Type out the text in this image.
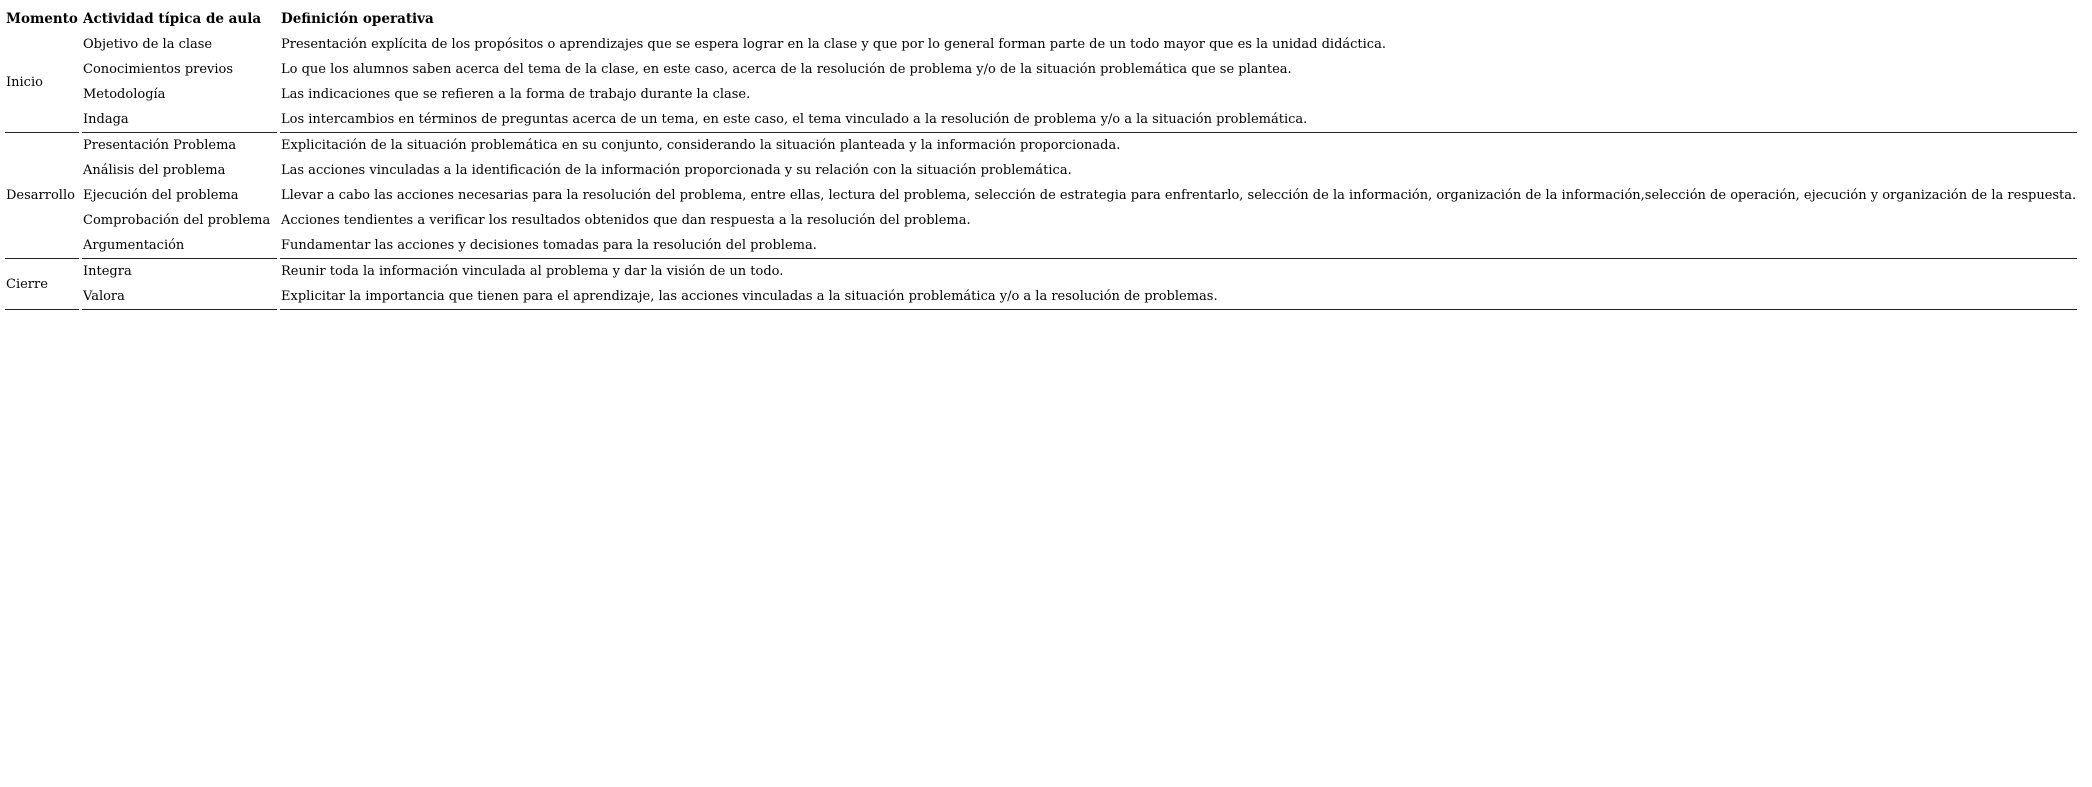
Momento	Actividad típica de aula	Definición operativa
Inicio	Objetivo de la clase	Presentación explícita de los propósitos o aprendizajes que se espera lograr en la clase y que por lo general forman parte de un todo mayor que es la unidad didáctica.
	Conocimientos previos	Lo que los alumnos saben acerca del tema de la clase, en este caso, acerca de la resolución de problema y/o de la situación problemática que se plantea.
	Metodología	Las indicaciones que se refieren a la forma de trabajo durante la clase.
	Indaga	Los intercambios en términos de preguntas acerca de un tema, en este caso, el tema vinculado a la resolución de problema y/o a la situación problemática.
Desarrollo	Presentación Problema	Explicitación de la situación problemática en su conjunto, considerando la situación planteada y la información proporcionada.
	Análisis del problema	Las acciones vinculadas a la identificación de la información proporcionada y su relación con la situación problemática.
	Ejecución del problema	Llevar a cabo las acciones necesarias para la resolución del problema, entre ellas, lectura del problema, selección de estrategia para enfrentarlo, selección de la información, organización de la información,selección de operación, ejecución y organización de la respuesta.
	Comprobación del problema	Acciones tendientes a verificar los resultados obtenidos que dan respuesta a la resolución del problema.
	Argumentación	Fundamentar las acciones y decisiones tomadas para la resolución del problema.
Cierre	Integra	Reunir toda la información vinculada al problema y dar la visión de un todo.
	Valora	Explicitar la importancia que tienen para el aprendizaje, las acciones vinculadas a la situación problemática y/o a la resolución de problemas.
